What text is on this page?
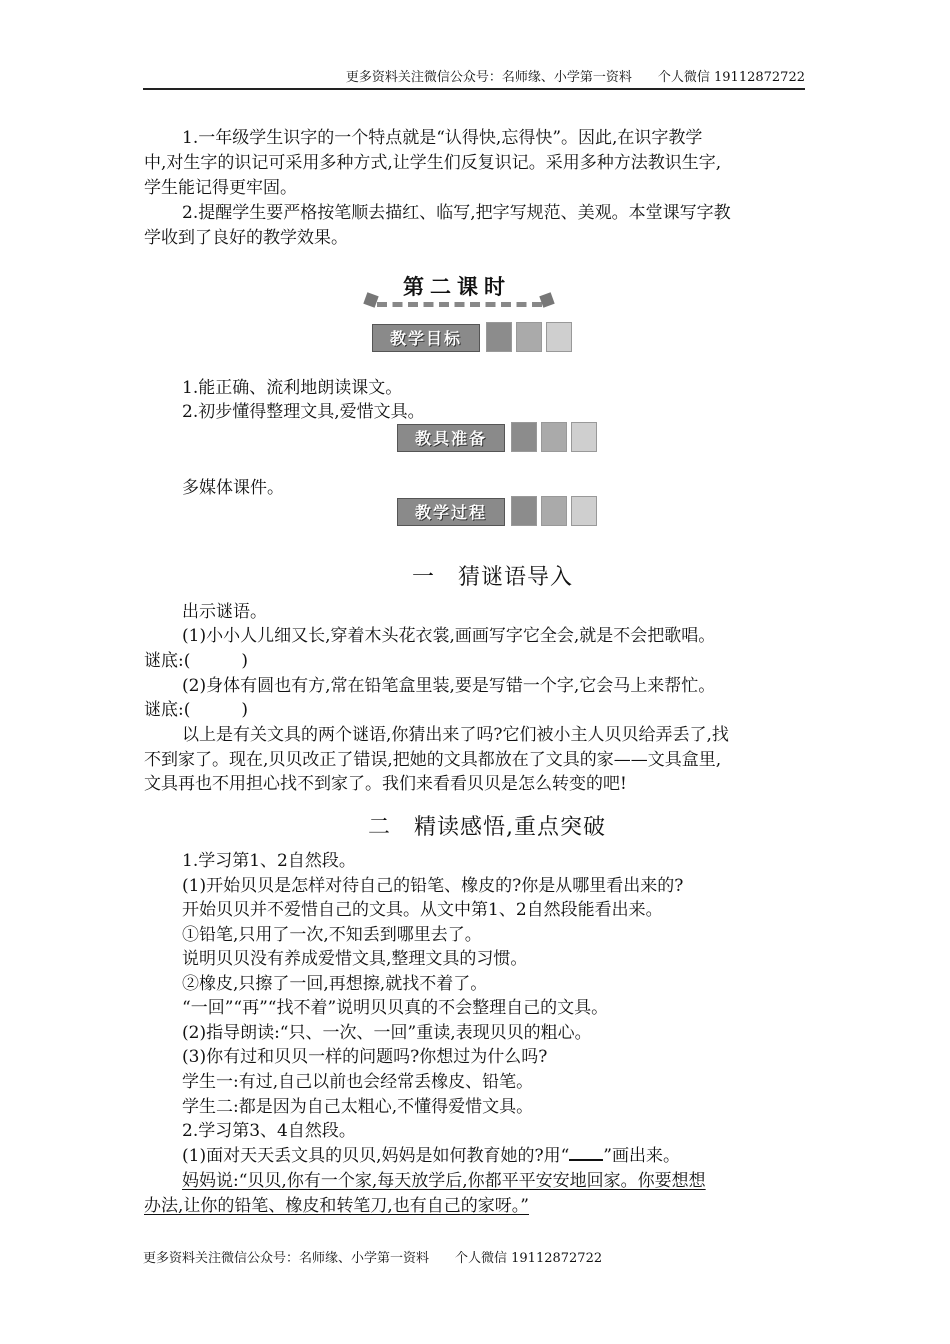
更多资料关注微信公众号：名师缘、小学第一资料　　个人微信 19112872722
1.一年级学生识字的一个特点就是“认得快,忘得快”。因此,在识字教学
中,对生字的识记可采用多种方式,让学生们反复识记。采用多种方法教识生字,
学生能记得更牢固。
2.提醒学生要严格按笔顺去描红、临写,把字写规范、美观。本堂课写字教
学收到了良好的教学效果。
第二课时
教学目标
1.能正确、流利地朗读课文。
2.初步懂得整理文具,爱惜文具。
教具准备
多媒体课件。
教学过程
一　猜谜语导入
出示谜语。
(1)小小人儿细又长,穿着木头花衣裳,画画写字它全会,就是不会把歌唱。
谜底:(　　　)
(2)身体有圆也有方,常在铅笔盒里装,要是写错一个字,它会马上来帮忙。
谜底:(　　　)
以上是有关文具的两个谜语,你猜出来了吗?它们被小主人贝贝给弄丢了,找
不到家了。现在,贝贝改正了错误,把她的文具都放在了文具的家——文具盒里,
文具再也不用担心找不到家了。我们来看看贝贝是怎么转变的吧!
二　精读感悟,重点突破
1.学习第1、2自然段。
(1)开始贝贝是怎样对待自己的铅笔、橡皮的?你是从哪里看出来的?
开始贝贝并不爱惜自己的文具。从文中第1、2自然段能看出来。
①铅笔,只用了一次,不知丢到哪里去了。
说明贝贝没有养成爱惜文具,整理文具的习惯。
②橡皮,只擦了一回,再想擦,就找不着了。
“一回”“再”“找不着”说明贝贝真的不会整理自己的文具。
(2)指导朗读:“只、一次、一回”重读,表现贝贝的粗心。
(3)你有过和贝贝一样的问题吗?你想过为什么吗?
学生一:有过,自己以前也会经常丢橡皮、铅笔。
学生二:都是因为自己太粗心,不懂得爱惜文具。
2.学习第3、4自然段。
(1)面对天天丢文具的贝贝,妈妈是如何教育她的?用“ ”画出来。
妈妈说:“贝贝,你有一个家,每天放学后,你都平平安安地回家。你要想想
办法,让你的铅笔、橡皮和转笔刀,也有自己的家呀。”
更多资料关注微信公众号：名师缘、小学第一资料　　个人微信 19112872722
